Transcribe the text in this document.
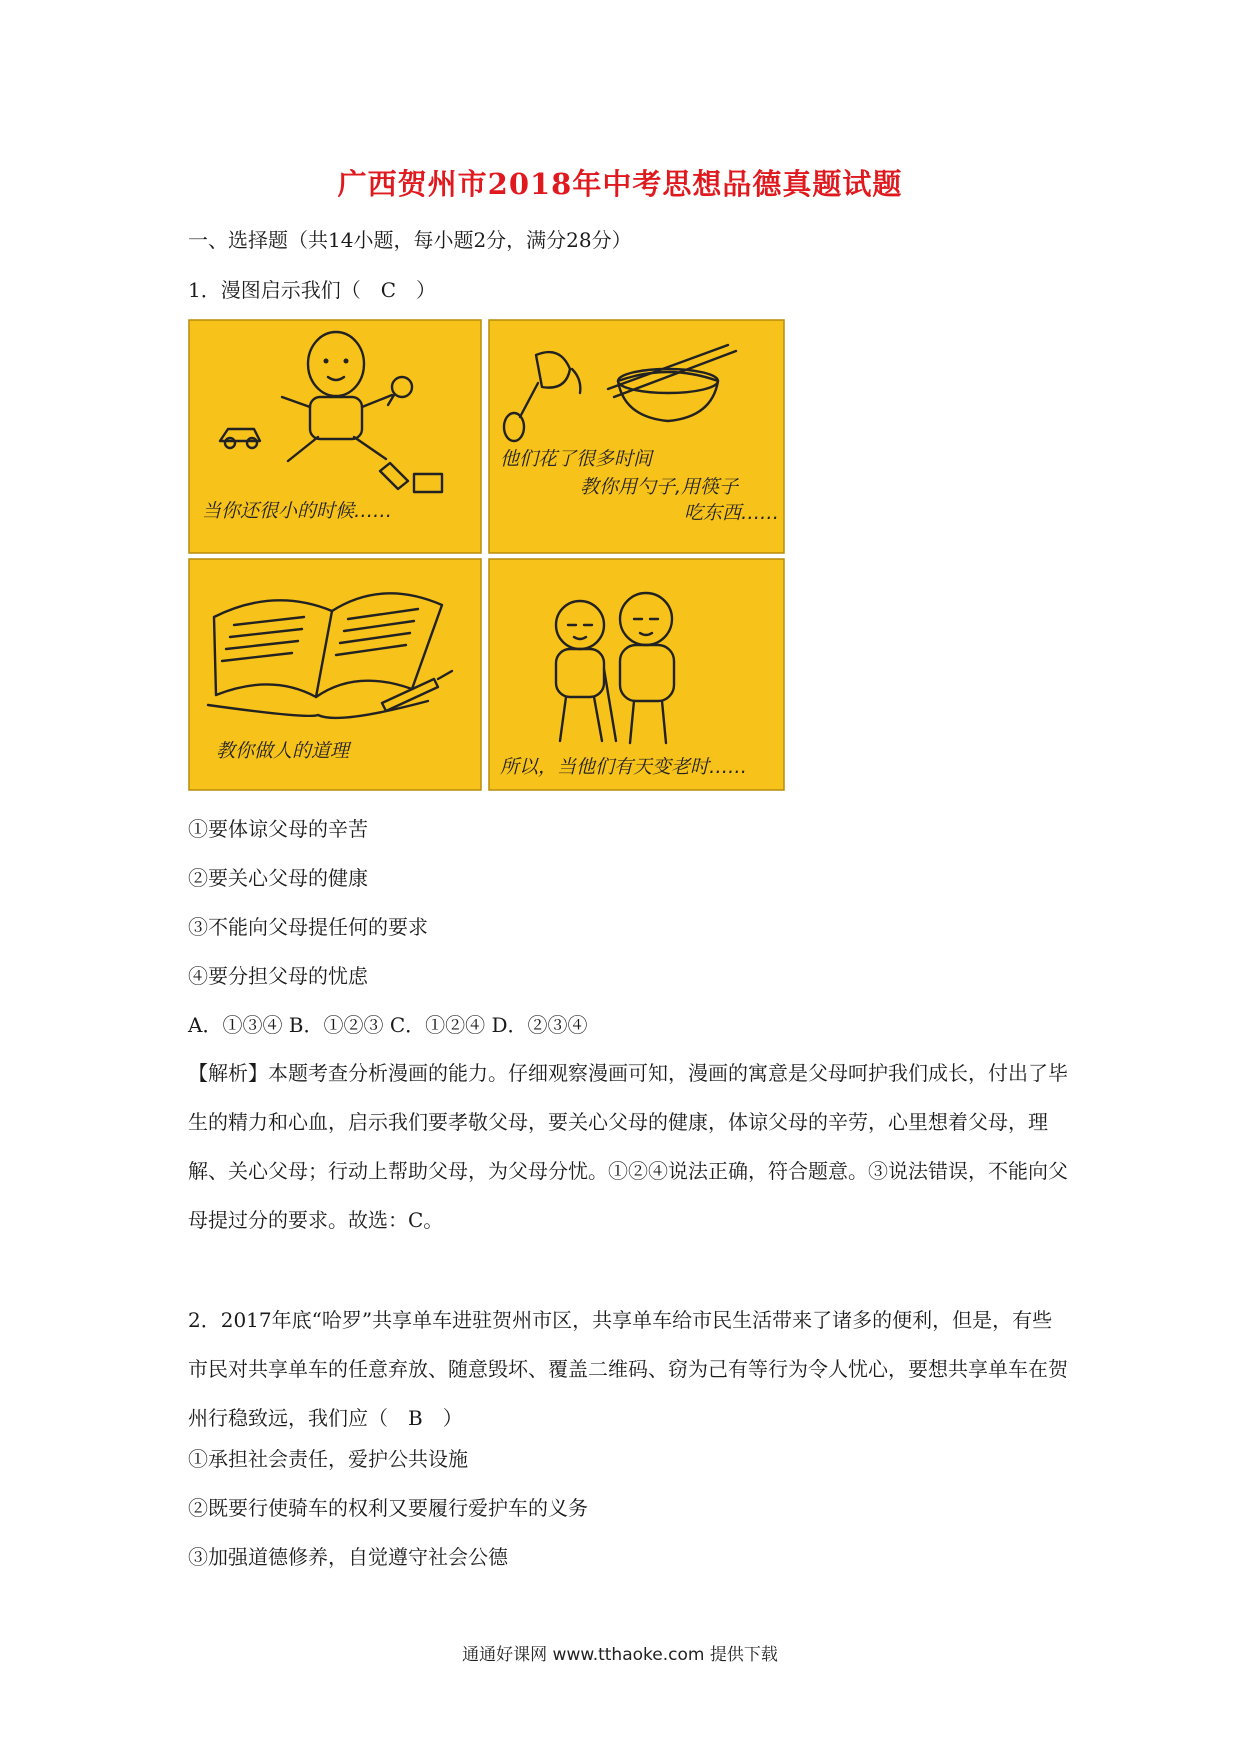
广西贺州市2018年中考思想品德真题试题
一、选择题（共14小题，每小题2分，满分28分）
1．漫图启示我们（　C　）
当你还很小的时候……
他们花了很多时间
教你用勺子,用筷子
吃东西……
教你做人的道理
所以，当他们有天变老时……
①要体谅父母的辛苦
②要关心父母的健康
③不能向父母提任何的要求
④要分担父母的忧虑
A．①③④ B．①②③ C．①②④ D．②③④
【解析】本题考查分析漫画的能力。仔细观察漫画可知，漫画的寓意是父母呵护我们成长，付出了毕生的精力和心血，启示我们要孝敬父母，要关心父母的健康，体谅父母的辛劳，心里想着父母，理解、关心父母；行动上帮助父母，为父母分忧。①②④说法正确，符合题意。③说法错误，不能向父母提过分的要求。故选：C。
2．2017年底“哈罗”共享单车进驻贺州市区，共享单车给市民生活带来了诸多的便利，但是，有些市民对共享单车的任意弃放、随意毁坏、覆盖二维码、窃为己有等行为令人忧心，要想共享单车在贺州行稳致远，我们应（　B　）
①承担社会责任，爱护公共设施
②既要行使骑车的权利又要履行爱护车的义务
③加强道德修养，自觉遵守社会公德
通通好课网 www.tthaoke.com 提供下载
